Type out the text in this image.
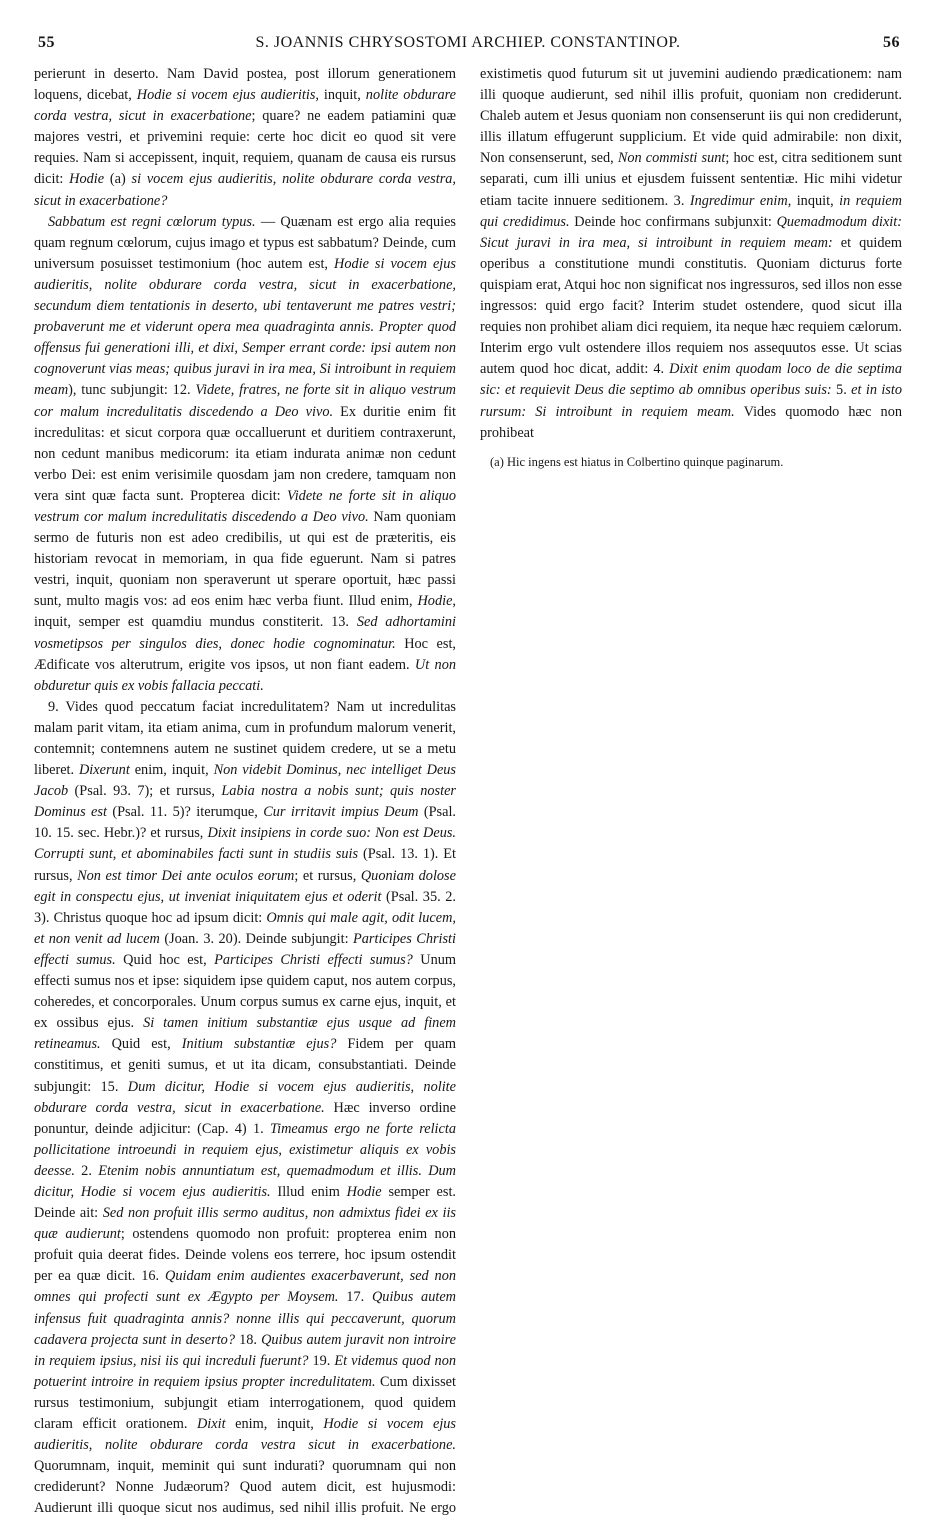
55	S. JOANNIS CHRYSOSTOMI ARCHIEP. CONSTANTINOP.	56

perierunt in deserto. Nam David postea, post illorum generationem loquens, dicebat, Hodie si vocem ejus audieritis, inquit, nolite obdurare corda vestra, sicut in exacerbatione; quare? ne eadem patiamini quæ majores vestri, et privemini requie: certe hoc dicit eo quod sit vere requies. Nam si accepissent, inquit, requiem, quanam de causa eis rursus dicit: Hodie (a) si vocem ejus audieritis, nolite obdurare corda vestra, sicut in exacerbatione?

Sabbatum est regni cœlorum typus. — Quænam est ergo alia requies quam regnum cœlorum, cujus imago et typus est sabbatum? Deinde, cum universum posuisset testimonium (hoc autem est, Hodie si vocem ejus audieritis, nolite obdurare corda vestra, sicut in exacerbatione, secundum diem tentationis in deserto, ubi tentaverunt me patres vestri; probaverunt me et viderunt opera mea quadraginta annis. Propter quod offensus fui generationi illi, et dixi, Semper errant corde: ipsi autem non cognoverunt vias meas; quibus juravi in ira mea, Si introibunt in requiem meam), tunc subjungit: 12. Videte, fratres, ne forte sit in aliquo vestrum cor malum incredulitatis discedendo a Deo vivo. Ex duritie enim fit incredulitas: et sicut corpora quæ occalluerunt et duritiem contraxerunt, non cedunt manibus medicorum: ita etiam indurata animæ non cedunt verbo Dei: est enim verisimile quosdam jam non credere, tamquam non vera sint quæ facta sunt. Propterea dicit: Videte ne forte sit in aliquo vestrum cor malum incredulitatis discedendo a Deo vivo. Nam quoniam sermo de futuris non est adeo credibilis, ut qui est de præteritis, eis historiam revocat in memoriam, in qua fide eguerunt. Nam si patres vestri, inquit, quoniam non speraverunt ut sperare oportuit, hæc passi sunt, multo magis vos: ad eos enim hæc verba fiunt. Illud enim, Hodie, inquit, semper est quamdiu mundus constiterit. 13. Sed adhortamini vosmetipsos per singulos dies, donec hodie cognominatur. Hoc est, Ædificate vos alterutrum, erigite vos ipsos, ut non fiant eadem. Ut non obduretur quis ex vobis fallacia peccati.

9. Vides quod peccatum faciat incredulitatem? Nam ut incredulitas malam parit vitam, ita etiam anima, cum in profundum malorum venerit, contemnit; contemnens autem ne sustinet quidem credere, ut se a metu liberet. Dixerunt enim, inquit, Non videbit Dominus, nec intelliget Deus Jacob (Psal. 93. 7); et rursus, Labia nostra a nobis sunt; quis noster Dominus est (Psal. 11. 5)? iterumque, Cur irritavit impius Deum (Psal. 10. 15. sec. Hebr.)? et rursus, Dixit insipiens in corde suo: Non est Deus. Corrupti sunt, et abominabiles facti sunt in studiis suis (Psal. 13. 1). Et rursus, Non est timor Dei ante oculos eorum; et rursus, Quoniam dolose egit in conspectu ejus, ut inveniat iniquitatem ejus et oderit (Psal. 35. 2. 3). Christus quoque hoc ad ipsum dicit: Omnis qui male agit, odit lucem, et non venit ad lucem (Joan. 3. 20). Deinde subjungit: Participes Christi effecti sumus. Quid hoc est, Participes Christi effecti sumus? Unum effecti sumus nos et ipse: siquidem ipse quidem caput, nos autem corpus, coheredes, et concorporales. Unum corpus sumus ex carne ejus, inquit, et ex ossibus ejus. Si tamen initium substantiæ ejus usque ad finem retineamus. Quid est, Initium substantiæ ejus? Fidem per quam constitimus, et geniti sumus, et ut ita dicam, consubstantiati. Deinde subjungit: 15. Dum dicitur, Hodie si vocem ejus audieritis, nolite obdurare corda vestra, sicut in exacerbatione. Hæc inverso ordine ponuntur, deinde adjicitur: (Cap. 4) 1. Timeamus ergo ne forte relicta pollicitatione introeundi in requiem ejus, existimetur aliquis ex vobis deesse. 2. Etenim nobis annuntiatum est, quemadmodum et illis. Dum dicitur, Hodie si vocem ejus audieritis. Illud enim Hodie semper est. Deinde ait: Sed non profuit illis sermo auditus, non admixtus fidei ex iis quæ audierunt; ostendens quomodo non profuit: propterea enim non profuit quia deerat fides. Deinde volens eos terrere, hoc ipsum ostendit per ea quæ dicit. 16. Quidam enim audientes exacerbaverunt, sed non omnes qui profecti sunt ex Ægypto per Moysem. 17. Quibus autem infensus fuit quadraginta annis? nonne illis qui peccaverunt, quorum cadavera projecta sunt in deserto? 18. Quibus autem juravit non introire in requiem ipsius, nisi iis qui increduli fuerunt? 19. Et videmus quod non potuerint introire in requiem ipsius propter incredulitatem. Cum dixisset rursus testimonium, subjungit etiam interrogationem, quod quidem claram efficit orationem. Dixit enim, inquit, Hodie si vocem ejus audieritis, nolite obdurare corda vestra sicut in exacerbatione. Quorumnam, inquit, meminit qui sunt indurati? quorumnam qui non crediderunt? Nonne Judæorum? Quod autem dicit, est hujusmodi: Audierunt illi quoque sicut nos audimus, sed nihil illis profuit. Ne ergo existimetis quod futurum sit ut juvemini audiendo prædicationem: nam illi quoque audierunt, sed nihil illis profuit, quoniam non crediderunt. Chaleb autem et Jesus quoniam non consenserunt iis qui non crediderunt, illis illatum effugerunt supplicium. Et vide quid admirabile: non dixit, Non consenserunt, sed, Non commisti sunt; hoc est, citra seditionem sunt separati, cum illi unius et ejusdem fuissent sententiæ. Hic mihi videtur etiam tacite innuere seditionem. 3. Ingredimur enim, inquit, in requiem qui credidimus. Deinde hoc confirmans subjunxit: Quemadmodum dixit: Sicut juravi in ira mea, si introibunt in requiem meam: et quidem operibus a constitutione mundi constitutis. Quoniam dicturus forte quispiam erat, Atqui hoc non significat nos ingressuros, sed illos non esse ingressos: quid ergo facit? Interim studet ostendere, quod sicut illa requies non prohibet aliam dici requiem, ita neque hæc requiem cælorum. Interim ergo vult ostendere illos requiem nos assequutos esse. Ut scias autem quod hoc dicat, addit: 4. Dixit enim quodam loco de die septima sic: et requievit Deus die septimo ab omnibus operibus suis: 5. et in isto rursum: Si introibunt in requiem meam. Vides quomodo hæc non prohibeat

(a) Hic ingens est hiatus in Colbertino quinque paginarum.
